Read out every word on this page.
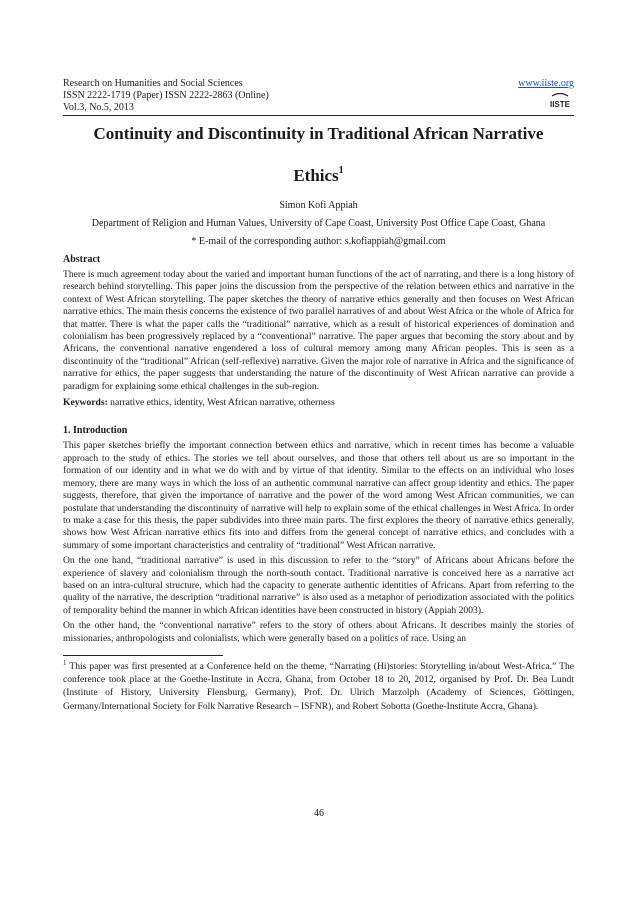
Research on Humanities and Social Sciences
ISSN 2222-1719 (Paper) ISSN 2222-2863 (Online)
Vol.3, No.5, 2013
www.iiste.org
IISTE
Continuity and Discontinuity in Traditional African Narrative
Ethics$^1$
Simon Kofi Appiah
Department of Religion and Human Values, University of Cape Coast, University Post Office Cape Coast, Ghana
* E-mail of the corresponding author: s.kofiappiah@gmail.com
Abstract

There is much agreement today about the varied and important human functions of the act of narrating, and there is a long history of research behind storytelling. This paper joins the discussion from the perspective of the relation between ethics and narrative in the context of West African storytelling. The paper sketches the theory of narrative ethics generally and then focuses on West African narrative ethics. The main thesis concerns the existence of two parallel narratives of and about West Africa or the whole of Africa for that matter. There is what the paper calls the “traditional” narrative, which as a result of historical experiences of domination and colonialism has been progressively replaced by a “conventional” narrative. The paper argues that becoming the story about and by Africans, the conventional narrative engendered a loss of cultural memory among many African peoples. This is seen as a discontinuity of the “traditional” African (self-reflexive) narrative. Given the major role of narrative in Africa and the significance of narrative for ethics, the paper suggests that understanding the nature of the discontinuity of West African narrative can provide a paradigm for explaining some ethical challenges in the sub-region.

Keywords: narrative ethics, identity, West African narrative, otherness
1. Introduction

This paper sketches briefly the important connection between ethics and narrative, which in recent times has become a valuable approach to the study of ethics. The stories we tell about ourselves, and those that others tell about us are so important in the formation of our identity and in what we do with and by virtue of that identity. Similar to the effects on an individual who loses memory, there are many ways in which the loss of an authentic communal narrative can affect group identity and ethics. The paper suggests, therefore, that given the importance of narrative and the power of the word among West African communities, we can postulate that understanding the discontinuity of narrative will help to explain some of the ethical challenges in West Africa. In order to make a case for this thesis, the paper subdivides into three main parts. The first explores the theory of narrative ethics generally, shows how West African narrative ethics fits into and differs from the general concept of narrative ethics, and concludes with a summary of some important characteristics and centrality of “traditional” West African narrative.

On the one hand, “traditional narrative” is used in this discussion to refer to the “story” of Africans about Africans before the experience of slavery and colonialism through the north-south contact. Traditional narrative is conceived here as a narrative act based on an intra-cultural structure, which had the capacity to generate authentic identities of Africans. Apart from referring to the quality of the narrative, the description “traditional narrative” is also used as a metaphor of periodization associated with the politics of temporality behind the manner in which African identities have been constructed in history (Appiah 2003).

On the other hand, the “conventional narrative” refers to the story of others about Africans. It describes mainly the stories of missionaries, anthropologists and colonialists, which were generally based on a politics of race. Using an

$^1$ This paper was first presented at a Conference held on the theme, “Narrating (Hi)stories: Storytelling in/about West-Africa.” The conference took place at the Goethe-Institute in Accra, Ghana, from October 18 to 20, 2012, organised by Prof. Dr. Bea Lundt (Institute of History, University Flensburg, Germany), Prof. Dr. Ulrich Marzolph (Academy of Sciences, Göttingen, Germany/International Society for Folk Narrative Research – ISFNR), and Robert Sobotta (Goethe-Institute Accra, Ghana).
46
